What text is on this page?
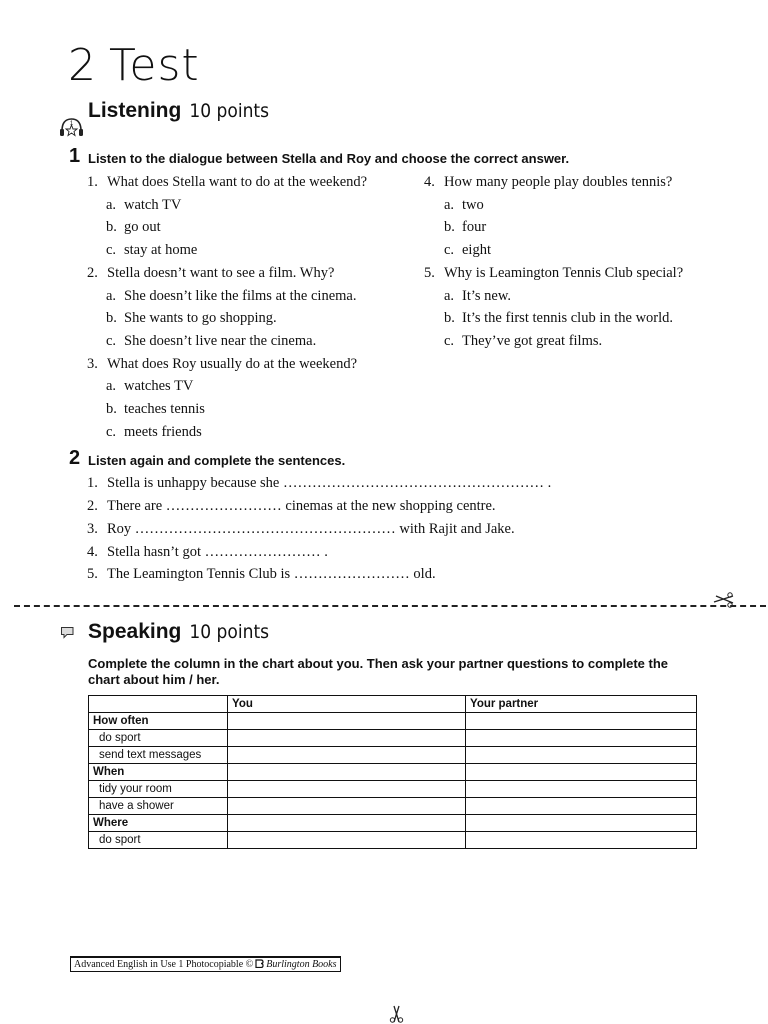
2 Test
Listening 10 points
1
1 Listen to the dialogue between Stella and Roy and choose the correct answer.
1. What does Stella want to do at the weekend?
a. watch TV
b. go out
c. stay at home
2. Stella doesn’t want to see a film. Why?
a. She doesn’t like the films at the cinema.
b. She wants to go shopping.
c. She doesn’t live near the cinema.
3. What does Roy usually do at the weekend?
a. watches TV
b. teaches tennis
c. meets friends
4. How many people play doubles tennis?
a. two
b. four
c. eight
5. Why is Leamington Tennis Club special?
a. It’s new.
b. It’s the first tennis club in the world.
c. They’ve got great films.
2 Listen again and complete the sentences.
1. Stella is unhappy because she ……………………………………………… .
2. There are …………………… cinemas at the new shopping centre.
3. Roy ……………………………………………… with Rajit and Jake.
4. Stella hasn’t got …………………… .
5. The Leamington Tennis Club is …………………… old.
Speaking 10 points
Complete the column in the chart about you. Then ask your partner questions to complete the chart about him / her.
	You	Your partner
How often		
do sport		
send text messages		
When		
tidy your room		
have a shower		
Where		
do sport		
Advanced English in Use 1 Photocopiable © Burlington Books
